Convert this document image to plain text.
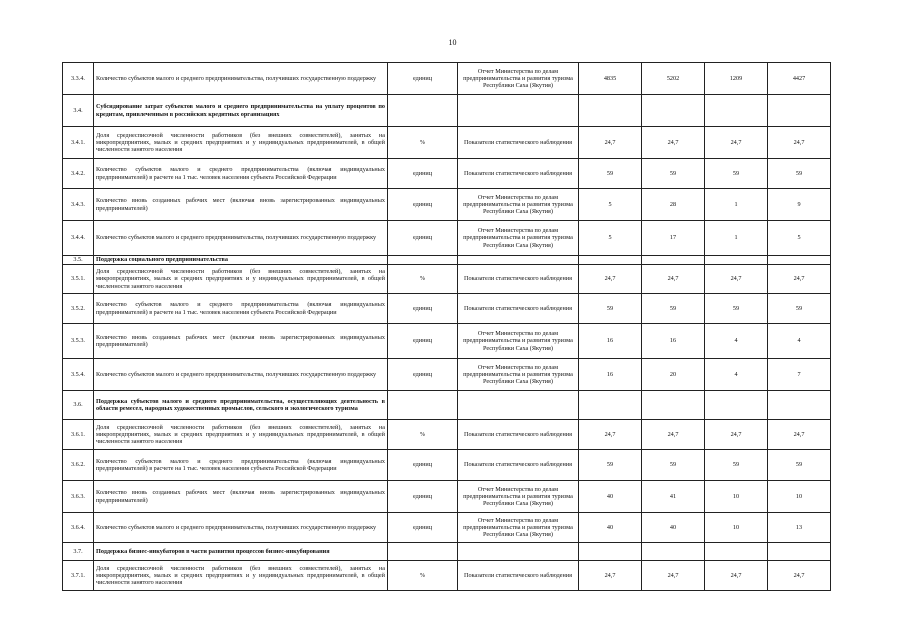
10
3.3.4.	Количество субъектов малого и среднего предпринимательства, получивших государственную поддержку	единиц	Отчет Министерства по делам предпринимательства и развития туризма Республики Саха (Якутия)	4835	5202	1209	4427
3.4.	Субсидирование затрат субъектов малого и среднего предпринимательства на уплату процентов по кредитам, привлеченным в российских кредитных организациях						
3.4.1.	Доля среднесписочной численности работников (без внешних совместителей), занятых на микропредприятиях, малых и средних предприятиях и у индивидуальных предпринимателей, в общей численности занятого населения	%	Показатели статистического наблюдения	24,7	24,7	24,7	24,7
3.4.2.	Количество субъектов малого и среднего предпринимательства (включая индивидуальных предпринимателей) в расчете на 1 тыс. человек населения субъекта Российской Федерации	единиц	Показатели статистического наблюдения	59	59	59	59
3.4.3.	Количество вновь созданных рабочих мест (включая вновь зарегистрированных индивидуальных предпринимателей)	единиц	Отчет Министерства по делам предпринимательства и развития туризма Республики Саха (Якутия)	5	28	1	9
3.4.4.	Количество субъектов малого и среднего предпринимательства, получивших государственную поддержку	единиц	Отчет Министерства по делам предпринимательства и развития туризма Республики Саха (Якутия)	5	17	1	5
3.5.	Поддержка социального предпринимательства						
3.5.1.	Доля среднесписочной численности работников (без внешних совместителей), занятых на микропредприятиях, малых и средних предприятиях и у индивидуальных предпринимателей, в общей численности занятого населения	%	Показатели статистического наблюдения	24,7	24,7	24,7	24,7
3.5.2.	Количество субъектов малого и среднего предпринимательства (включая индивидуальных предпринимателей) в расчете на 1 тыс. человек населения субъекта Российской Федерации	единиц	Показатели статистического наблюдения	59	59	59	59
3.5.3.	Количество вновь созданных рабочих мест (включая вновь зарегистрированных индивидуальных предпринимателей)	единиц	Отчет Министерства по делам предпринимательства и развития туризма Республики Саха (Якутия)	16	16	4	4
3.5.4.	Количество субъектов малого и среднего предпринимательства, получивших государственную поддержку	единиц	Отчет Министерства по делам предпринимательства и развития туризма Республики Саха (Якутия)	16	20	4	7
3.6.	Поддержка субъектов малого и среднего предпринимательства, осуществляющих деятельность в области ремесел, народных художественных промыслов, сельского и экологического туризма						
3.6.1.	Доля среднесписочной численности работников (без внешних совместителей), занятых на микропредприятиях, малых и средних предприятиях и у индивидуальных предпринимателей, в общей численности занятого населения	%	Показатели статистического наблюдения	24,7	24,7	24,7	24,7
3.6.2.	Количество субъектов малого и среднего предпринимательства (включая индивидуальных предпринимателей) в расчете на 1 тыс. человек населения субъекта Российской Федерации	единиц	Показатели статистического наблюдения	59	59	59	59
3.6.3.	Количество вновь созданных рабочих мест (включая вновь зарегистрированных индивидуальных предпринимателей)	единиц	Отчет Министерства по делам предпринимательства и развития туризма Республики Саха (Якутия)	40	41	10	10
3.6.4.	Количество субъектов малого и среднего предпринимательства, получивших государственную поддержку	единиц	Отчет Министерства по делам предпринимательства и развития туризма Республики Саха (Якутия)	40	40	10	13
3.7.	Поддержка бизнес-инкубаторов в части развития процессов бизнес-инкубирования						
3.7.1.	Доля среднесписочной численности работников (без внешних совместителей), занятых на микропредприятиях, малых и средних предприятиях и у индивидуальных предпринимателей, в общей численности занятого населения	%	Показатели статистического наблюдения	24,7	24,7	24,7	24,7
